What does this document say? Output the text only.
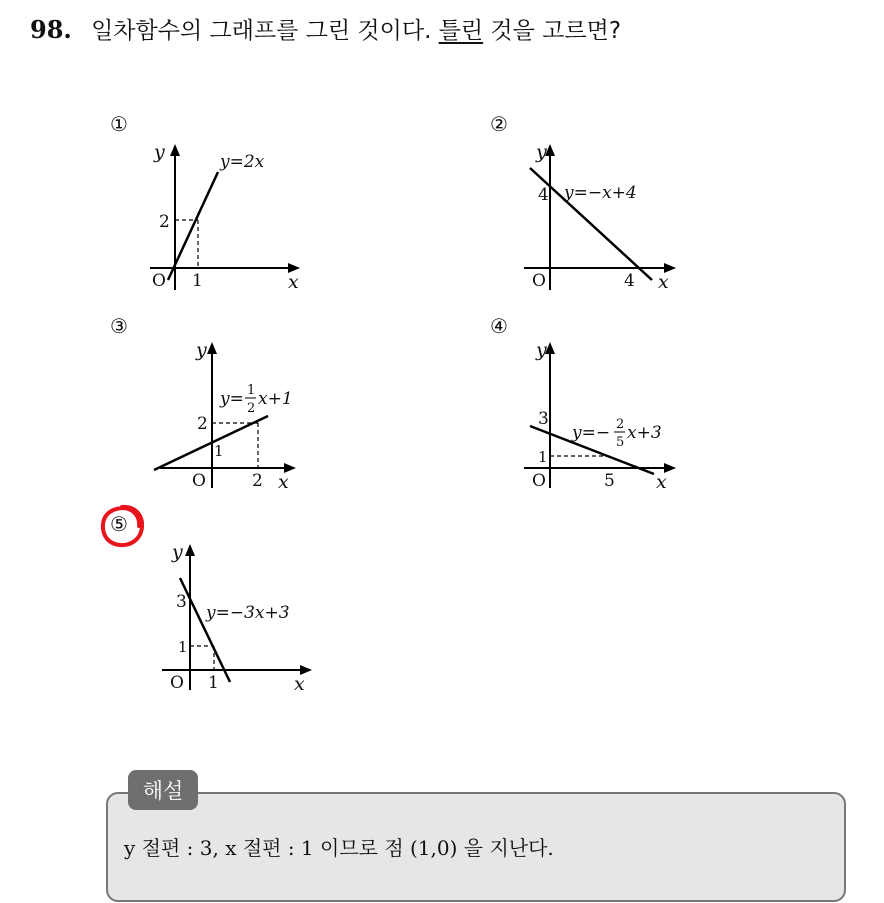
98. 일차함수의 그래프를 그린 것이다. 틀린 것을 고르면?
①	②
③	④
⑤
y
x
O
2
1
y=2x	y
x
O
4
4
y=−x+4
y
x
O
2
1
2
y= 1
2 x+1
y
x
O
3
1
5
y=− 2
5 x+3
y
x
O
3
1
1
y=−3x+3
해설
y 절편 : 3, x 절편 : 1 이므로 점 (1,0) 을 지난다.
